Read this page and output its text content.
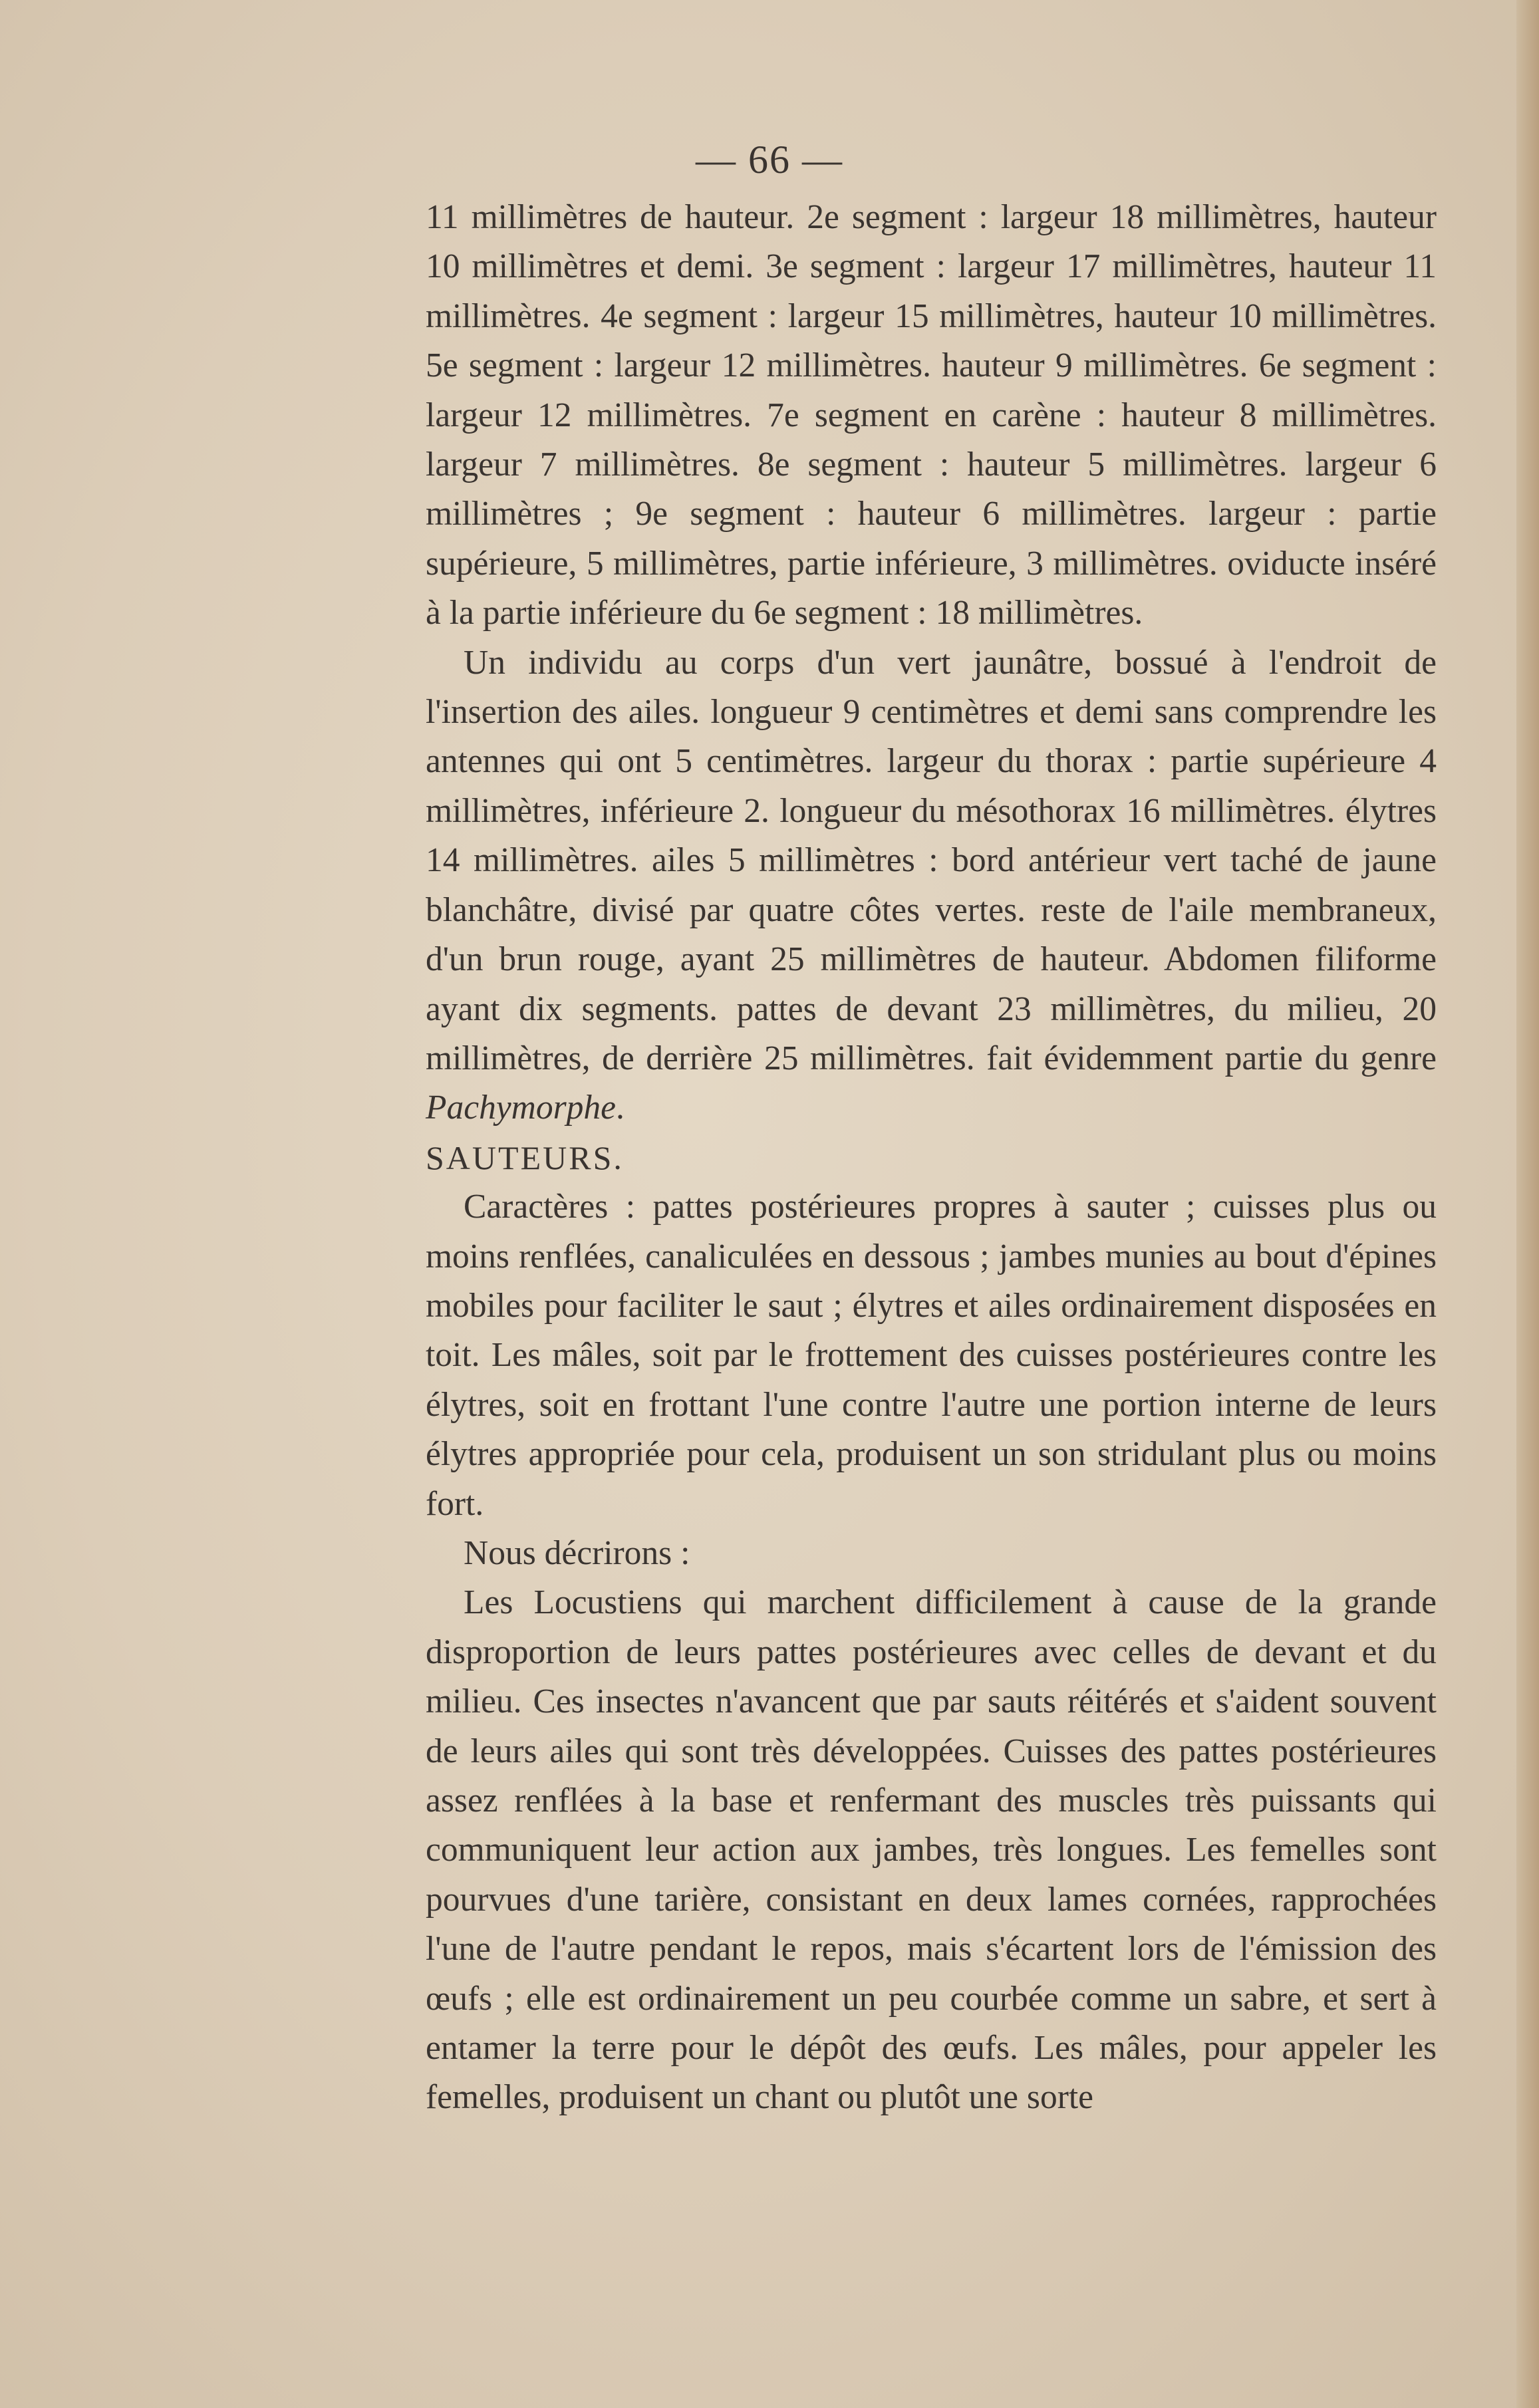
— 66 —

11 millimètres de hauteur. 2e segment : largeur 18 millimètres, hauteur 10 millimètres et demi. 3e segment : largeur 17 millimètres, hauteur 11 millimètres. 4e segment : largeur 15 millimètres, hauteur 10 millimètres. 5e segment : largeur 12 millimètres. hauteur 9 millimètres. 6e segment : largeur 12 millimètres. 7e segment en carène : hauteur 8 millimètres. largeur 7 millimètres. 8e segment : hauteur 5 millimètres. largeur 6 millimètres ; 9e segment : hauteur 6 millimètres. largeur : partie supérieure, 5 millimètres, partie inférieure, 3 millimètres. oviducte inséré à la partie inférieure du 6e segment : 18 millimètres.

Un individu au corps d'un vert jaunâtre, bossué à l'endroit de l'insertion des ailes. longueur 9 centimètres et demi sans comprendre les antennes qui ont 5 centimètres. largeur du thorax : partie supérieure 4 millimètres, inférieure 2. longueur du mésothorax 16 millimètres. élytres 14 millimètres. ailes 5 millimètres : bord antérieur vert taché de jaune blanchâtre, divisé par quatre côtes vertes. reste de l'aile membraneux, d'un brun rouge, ayant 25 millimètres de hauteur. Abdomen filiforme ayant dix segments. pattes de devant 23 millimètres, du milieu, 20 millimètres, de derrière 25 millimètres. fait évidemment partie du genre Pachymorphe.

SAUTEURS.

Caractères : pattes postérieures propres à sauter ; cuisses plus ou moins renflées, canaliculées en dessous ; jambes munies au bout d'épines mobiles pour faciliter le saut ; élytres et ailes ordinairement disposées en toit. Les mâles, soit par le frottement des cuisses postérieures contre les élytres, soit en frottant l'une contre l'autre une portion interne de leurs élytres appropriée pour cela, produisent un son stridulant plus ou moins fort.

Nous décrirons :

Les Locustiens qui marchent difficilement à cause de la grande disproportion de leurs pattes postérieures avec celles de devant et du milieu. Ces insectes n'avancent que par sauts réitérés et s'aident souvent de leurs ailes qui sont très développées. Cuisses des pattes postérieures assez renflées à la base et renfermant des muscles très puissants qui communiquent leur action aux jambes, très longues. Les femelles sont pourvues d'une tarière, consistant en deux lames cornées, rapprochées l'une de l'autre pendant le repos, mais s'écartent lors de l'émission des œufs ; elle est ordinairement un peu courbée comme un sabre, et sert à entamer la terre pour le dépôt des œufs. Les mâles, pour appeler les femelles, produisent un chant ou plutôt une sorte
